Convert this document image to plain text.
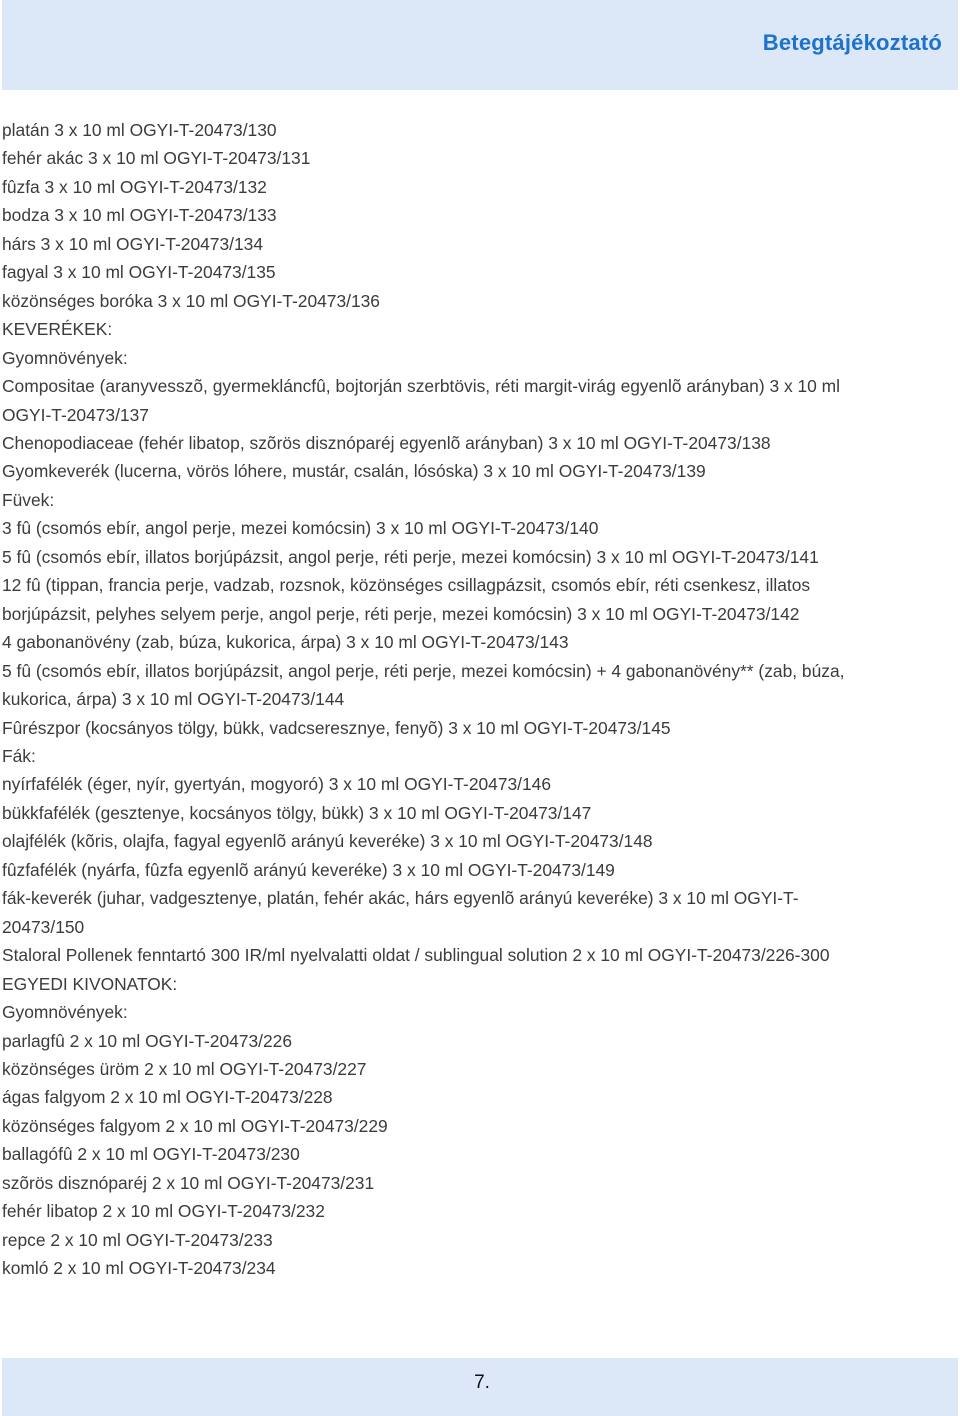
Betegtájékoztató
platán 3 x 10 ml OGYI-T-20473/130
fehér akác 3 x 10 ml OGYI-T-20473/131
fûzfa 3 x 10 ml OGYI-T-20473/132
bodza 3 x 10 ml OGYI-T-20473/133
hárs 3 x 10 ml OGYI-T-20473/134
fagyal 3 x 10 ml OGYI-T-20473/135
közönséges boróka 3 x 10 ml OGYI-T-20473/136
KEVERÉKEK:
Gyomnövények:
Compositae (aranyvesszõ, gyermekláncfû, bojtorján szerbtövis, réti margit-virág egyenlõ arányban) 3 x 10 ml
OGYI-T-20473/137
Chenopodiaceae (fehér libatop, szõrös disznóparéj egyenlõ arányban) 3 x 10 ml OGYI-T-20473/138
Gyomkeverék (lucerna, vörös lóhere, mustár, csalán, lósóska) 3 x 10 ml OGYI-T-20473/139
Füvek:
3 fû (csomós ebír, angol perje, mezei komócsin) 3 x 10 ml OGYI-T-20473/140
5 fû (csomós ebír, illatos borjúpázsit, angol perje, réti perje, mezei komócsin) 3 x 10 ml OGYI-T-20473/141
12 fû (tippan, francia perje, vadzab, rozsnok, közönséges csillagpázsit, csomós ebír, réti csenkesz, illatos
borjúpázsit, pelyhes selyem perje, angol perje, réti perje, mezei komócsin) 3 x 10 ml OGYI-T-20473/142
4 gabonanövény (zab, búza, kukorica, árpa) 3 x 10 ml OGYI-T-20473/143
5 fû (csomós ebír, illatos borjúpázsit, angol perje, réti perje, mezei komócsin) + 4 gabonanövény** (zab, búza,
kukorica, árpa) 3 x 10 ml OGYI-T-20473/144
Fûrészpor (kocsányos tölgy, bükk, vadcseresznye, fenyõ) 3 x 10 ml OGYI-T-20473/145
Fák:
nyírfafélék (éger, nyír, gyertyán, mogyoró) 3 x 10 ml OGYI-T-20473/146
bükkfafélék (gesztenye, kocsányos tölgy, bükk) 3 x 10 ml OGYI-T-20473/147
olajfélék (kõris, olajfa, fagyal egyenlõ arányú keveréke) 3 x 10 ml OGYI-T-20473/148
fûzfafélék (nyárfa, fûzfa egyenlõ arányú keveréke) 3 x 10 ml OGYI-T-20473/149
fák-keverék (juhar, vadgesztenye, platán, fehér akác, hárs egyenlõ arányú keveréke) 3 x 10 ml OGYI-T-
20473/150
Staloral Pollenek fenntartó 300 IR/ml nyelvalatti oldat / sublingual solution 2 x 10 ml OGYI-T-20473/226-300
EGYEDI KIVONATOK:
Gyomnövények:
parlagfû 2 x 10 ml OGYI-T-20473/226
közönséges üröm 2 x 10 ml OGYI-T-20473/227
ágas falgyom 2 x 10 ml OGYI-T-20473/228
közönséges falgyom 2 x 10 ml OGYI-T-20473/229
ballagófû 2 x 10 ml OGYI-T-20473/230
szõrös disznóparéj 2 x 10 ml OGYI-T-20473/231
fehér libatop 2 x 10 ml OGYI-T-20473/232
repce 2 x 10 ml OGYI-T-20473/233
komló 2 x 10 ml OGYI-T-20473/234
7.
